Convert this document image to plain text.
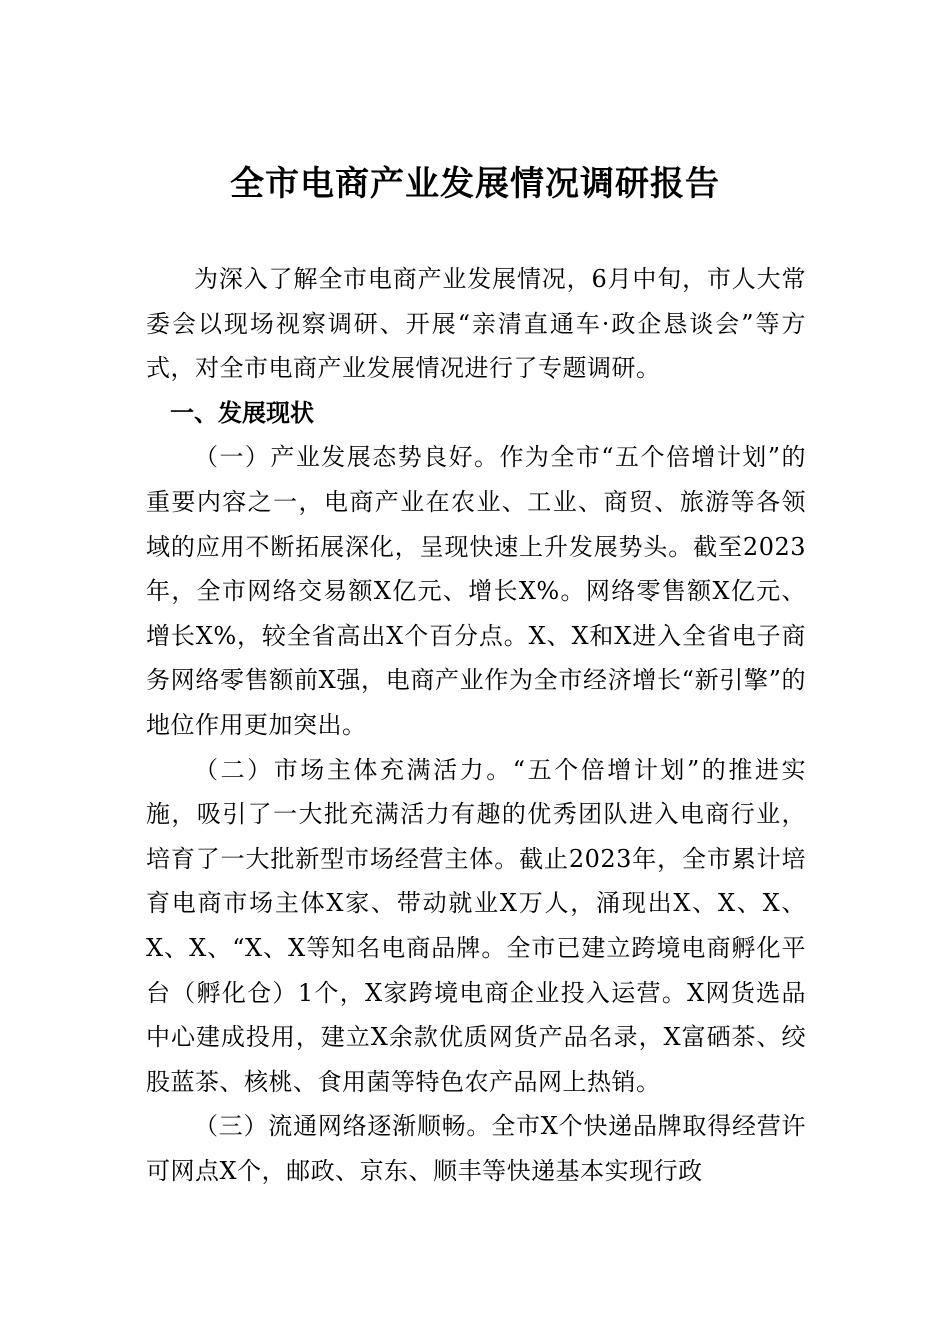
全市电商产业发展情况调研报告

为深入了解全市电商产业发展情况，6月中旬，市人大常委会以现场视察调研、开展“亲清直通车·政企恳谈会”等方式，对全市电商产业发展情况进行了专题调研。

一、发展现状

（一）产业发展态势良好。作为全市“五个倍增计划”的重要内容之一，电商产业在农业、工业、商贸、旅游等各领域的应用不断拓展深化，呈现快速上升发展势头。截至2023年，全市网络交易额X亿元、增长X%。网络零售额X亿元、增长X%，较全省高出X个百分点。X、X和X进入全省电子商务网络零售额前X强，电商产业作为全市经济增长“新引擎”的地位作用更加突出。

（二）市场主体充满活力。“五个倍增计划”的推进实施，吸引了一大批充满活力有趣的优秀团队进入电商行业，培育了一大批新型市场经营主体。截止2023年，全市累计培育电商市场主体X家、带动就业X万人，涌现出X、X、X、X、X、“X、X等知名电商品牌。全市已建立跨境电商孵化平台（孵化仓）1个，X家跨境电商企业投入运营。X网货选品中心建成投用，建立X余款优质网货产品名录，X富硒茶、绞股蓝茶、核桃、食用菌等特色农产品网上热销。

（三）流通网络逐渐顺畅。全市X个快递品牌取得经营许可网点X个，邮政、京东、顺丰等快递基本实现行政
